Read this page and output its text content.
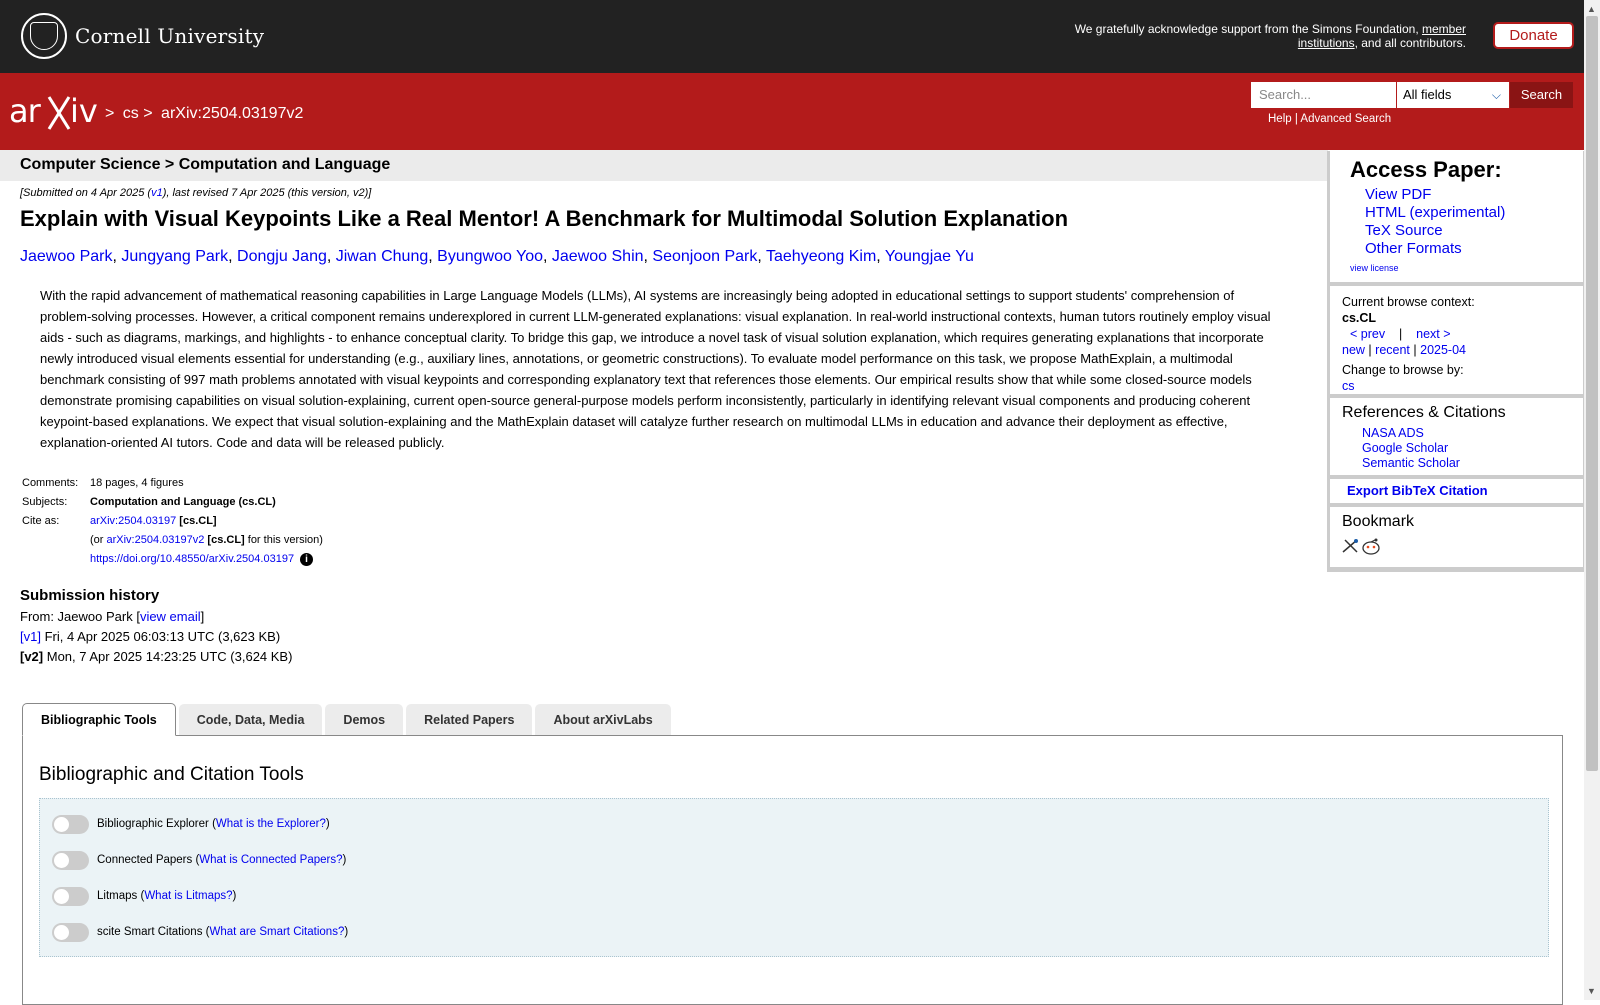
Cornell University	We gratefully acknowledge support from the Simons Foundation, member institutions, and all contributors.	Donate
ar iv > cs > arXiv:2504.03197v2
Search...	All fields	⌵	Search
Help | Advanced Search
Computer Science > Computation and Language
[Submitted on 4 Apr 2025 (v1), last revised 7 Apr 2025 (this version, v2)]
Explain with Visual Keypoints Like a Real Mentor! A Benchmark for Multimodal Solution Explanation
Jaewoo Park, Jungyang Park, Dongju Jang, Jiwan Chung, Byungwoo Yoo, Jaewoo Shin, Seonjoon Park, Taehyeong Kim, Youngjae Yu

With the rapid advancement of mathematical reasoning capabilities in Large Language Models (LLMs), AI systems are increasingly being adopted in educational settings to support students' comprehension of problem-solving processes. However, a critical component remains underexplored in current LLM-generated explanations: visual explanation. In real-world instructional contexts, human tutors routinely employ visual aids - such as diagrams, markings, and highlights - to enhance conceptual clarity. To bridge this gap, we introduce a novel task of visual solution explanation, which requires generating explanations that incorporate newly introduced visual elements essential for understanding (e.g., auxiliary lines, annotations, or geometric constructions). To evaluate model performance on this task, we propose MathExplain, a multimodal benchmark consisting of 997 math problems annotated with visual keypoints and corresponding explanatory text that references those elements. Our empirical results show that while some closed-source models demonstrate promising capabilities on visual solution-explaining, current open-source general-purpose models perform inconsistently, particularly in identifying relevant visual components and producing coherent keypoint-based explanations. We expect that visual solution-explaining and the MathExplain dataset will catalyze further research on multimodal LLMs in education and advance their deployment as effective, explanation-oriented AI tutors. Code and data will be released publicly.

Comments:	18 pages, 4 figures
Subjects:	Computation and Language (cs.CL)
Cite as:	arXiv:2504.03197 [cs.CL]
	(or arXiv:2504.03197v2 [cs.CL] for this version)
	https://doi.org/10.48550/arXiv.2504.03197 i
Submission history
From: Jaewoo Park [view email]
[v1] Fri, 4 Apr 2025 06:03:13 UTC (3,623 KB)
[v2] Mon, 7 Apr 2025 14:23:25 UTC (3,624 KB)
Access Paper:
View PDF
HTML (experimental)
TeX Source
Other Formats
view license
Current browse context:
cs.CL
< prev | next >
new | recent | 2025-04
Change to browse by:
cs
References & Citations
NASA ADS
Google Scholar
Semantic Scholar
Export BibTeX Citation
Bookmark
Bibliographic Tools	Code, Data, Media	Demos	Related Papers	About arXivLabs
Bibliographic and Citation Tools
Bibliographic Explorer ( What is the Explorer? )
Connected Papers ( What is Connected Papers? )
Litmaps ( What is Litmaps? )
scite Smart Citations ( What are Smart Citations? )
▲
▼
